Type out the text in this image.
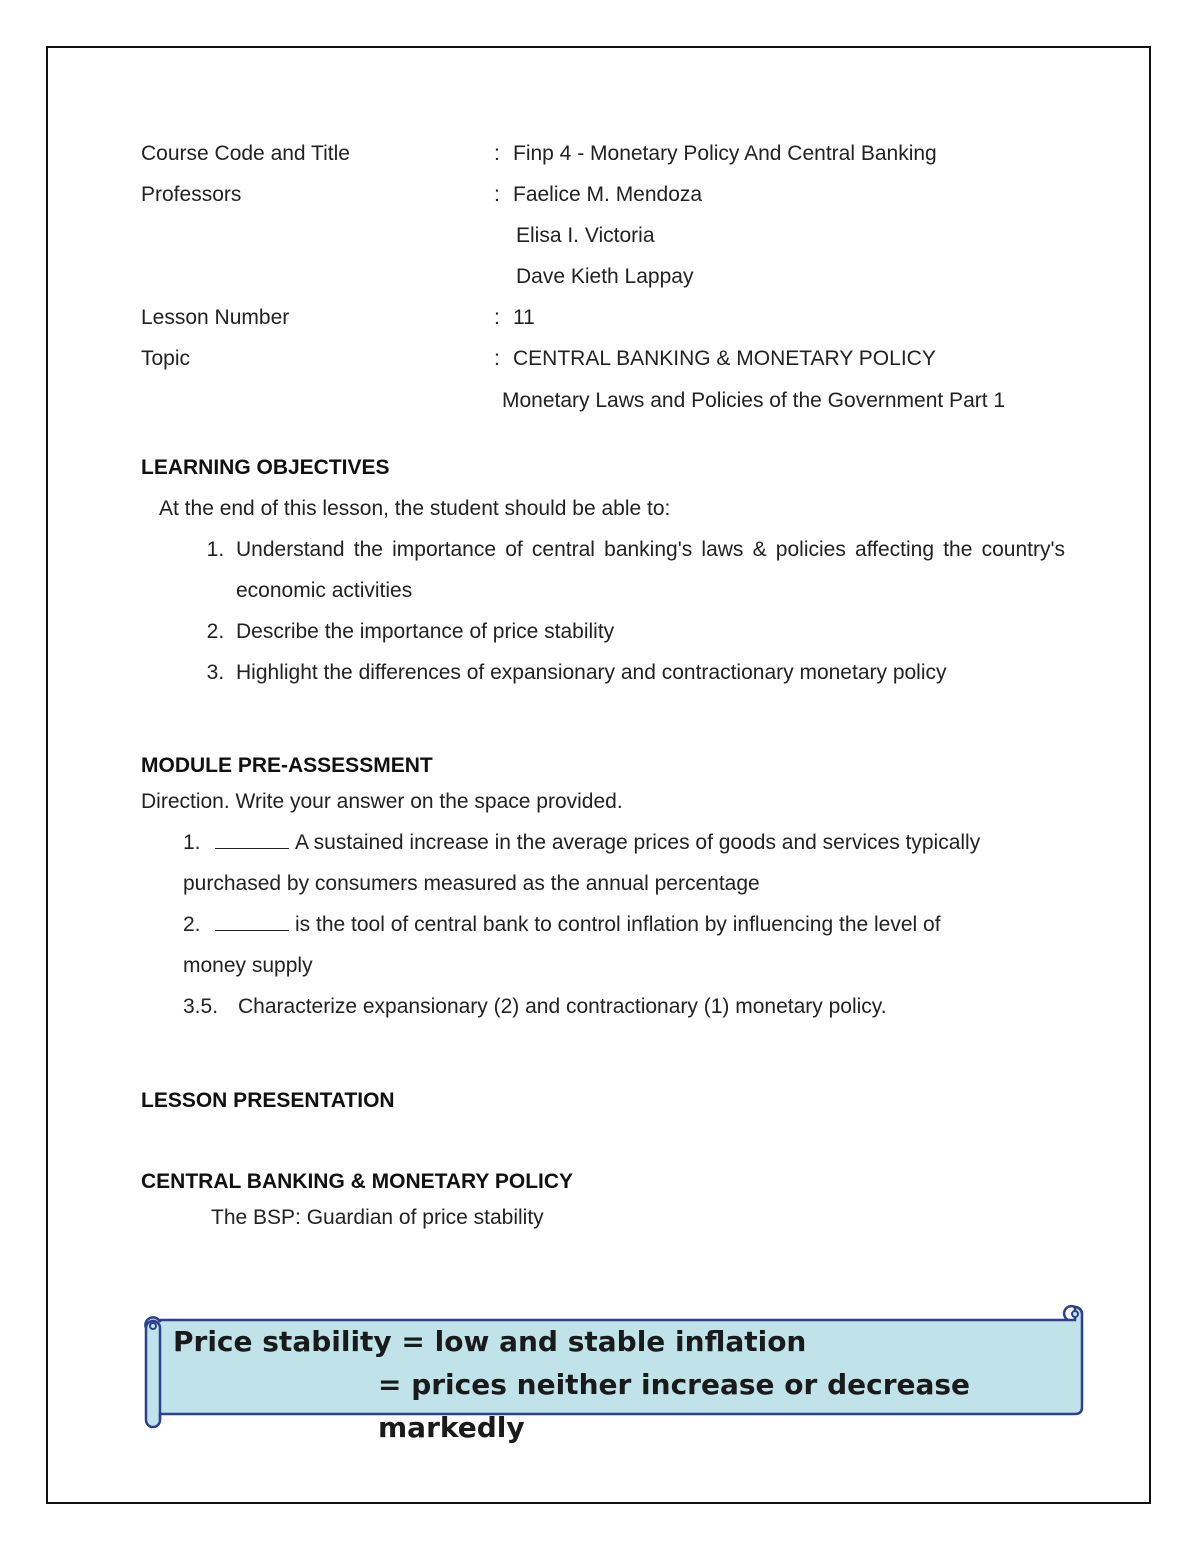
Course Code and Title	: Finp 4 - Monetary Policy And Central Banking
Professors	: Faelice M. Mendoza
Elisa I. Victoria
Dave Kieth Lappay
Lesson Number	: 11
Topic	: CENTRAL BANKING & MONETARY POLICY
Monetary Laws and Policies of the Government Part 1
LEARNING OBJECTIVES
At the end of this lesson, the student should be able to:
1. Understand the importance of central banking's laws & policies affecting the country's economic activities
2. Describe the importance of price stability
3. Highlight the differences of expansionary and contractionary monetary policy
MODULE PRE-ASSESSMENT
Direction. Write your answer on the space provided.
1.	A sustained increase in the average prices of goods and services typically
purchased by consumers measured as the annual percentage
2.	is the tool of central bank to control inflation by influencing the level of
money supply
3.5. Characterize expansionary (2) and contractionary (1) monetary policy.
LESSON PRESENTATION
CENTRAL BANKING & MONETARY POLICY
The BSP: Guardian of price stability
Price stability = low and stable inflation
= prices neither increase or decrease markedly
